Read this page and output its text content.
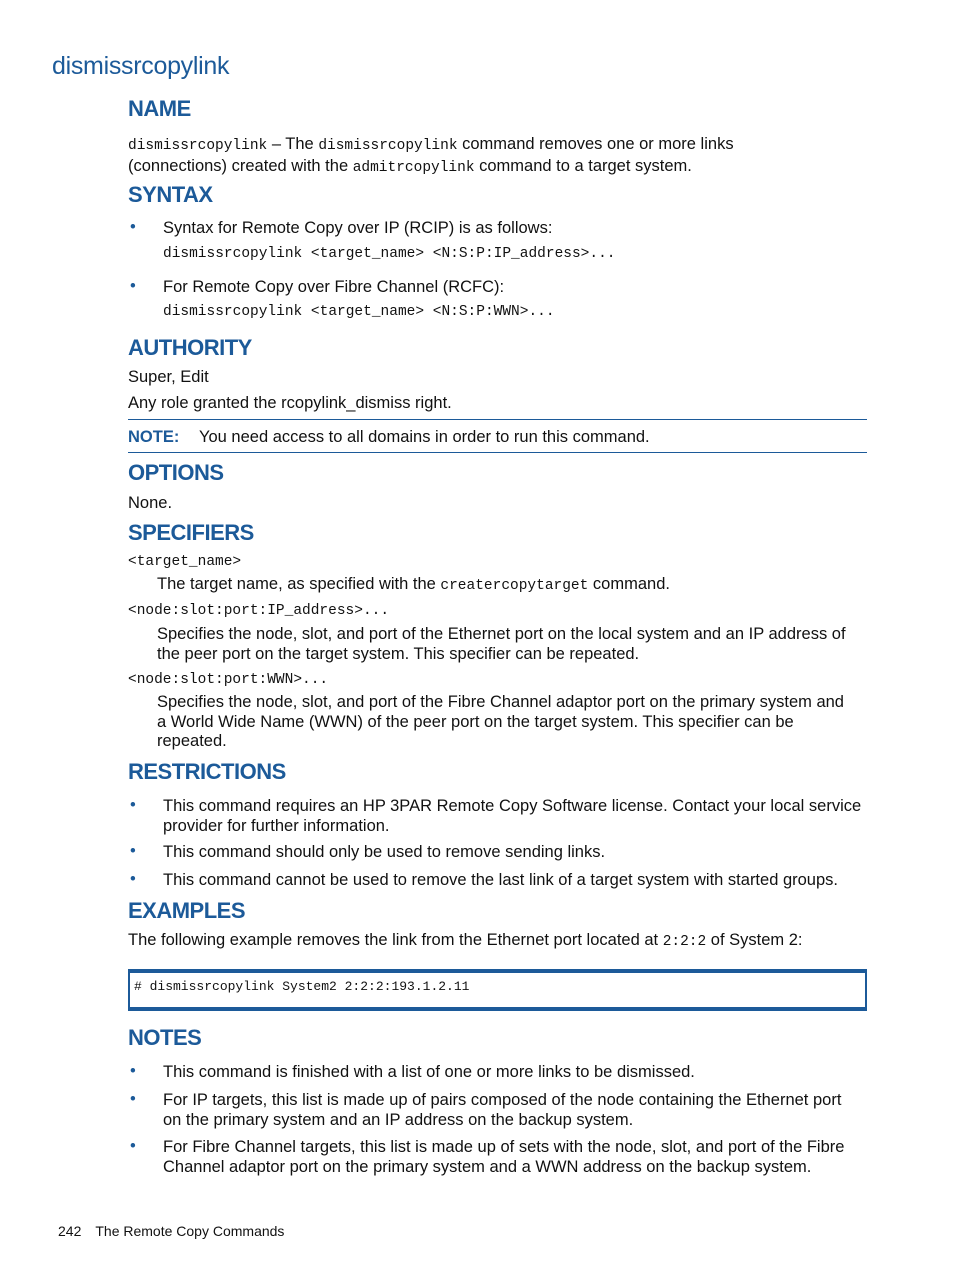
dismissrcopylink
NAME
dismissrcopylink – The dismissrcopylink command removes one or more links
(connections) created with the admitrcopylink command to a target system.
SYNTAX
• Syntax for Remote Copy over IP (RCIP) is as follows:
dismissrcopylink <target_name> <N:S:P:IP_address>...
• For Remote Copy over Fibre Channel (RCFC):
dismissrcopylink <target_name> <N:S:P:WWN>...
AUTHORITY
Super, Edit
Any role granted the rcopylink_dismiss right.
NOTE: You need access to all domains in order to run this command.
OPTIONS
None.
SPECIFIERS
<target_name>
The target name, as specified with the creatercopytarget command.
<node:slot:port:IP_address>...
Specifies the node, slot, and port of the Ethernet port on the local system and an IP address of
the peer port on the target system. This specifier can be repeated.
<node:slot:port:WWN>...
Specifies the node, slot, and port of the Fibre Channel adaptor port on the primary system and
a World Wide Name (WWN) of the peer port on the target system. This specifier can be
repeated.
RESTRICTIONS
• This command requires an HP 3PAR Remote Copy Software license. Contact your local service
provider for further information.
• This command should only be used to remove sending links.
• This command cannot be used to remove the last link of a target system with started groups.
EXAMPLES
The following example removes the link from the Ethernet port located at 2:2:2 of System 2:
# dismissrcopylink System2 2:2:2:193.1.2.11
NOTES
• This command is finished with a list of one or more links to be dismissed.
• For IP targets, this list is made up of pairs composed of the node containing the Ethernet port
on the primary system and an IP address on the backup system.
• For Fibre Channel targets, this list is made up of sets with the node, slot, and port of the Fibre
Channel adaptor port on the primary system and a WWN address on the backup system.
242 The Remote Copy Commands
